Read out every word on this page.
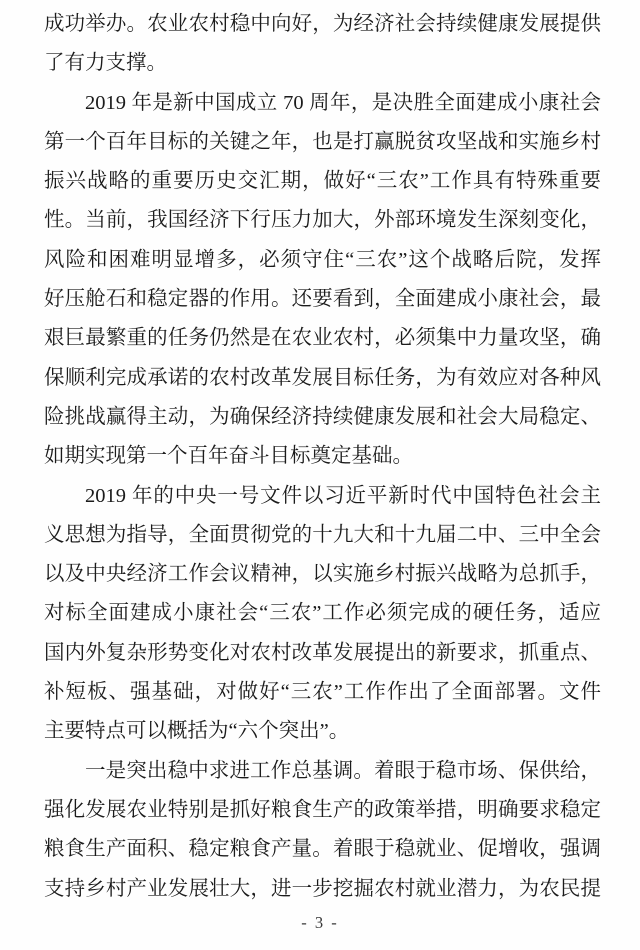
成功举办。农业农村稳中向好，为经济社会持续健康发展提供
了有力支撑。
2019 年是新中国成立 70 周年，是决胜全面建成小康社会
第一个百年目标的关键之年，也是打赢脱贫攻坚战和实施乡村
振兴战略的重要历史交汇期，做好“三农”工作具有特殊重要
性。当前，我国经济下行压力加大，外部环境发生深刻变化，
风险和困难明显增多，必须守住“三农”这个战略后院，发挥
好压舱石和稳定器的作用。还要看到，全面建成小康社会，最
艰巨最繁重的任务仍然是在农业农村，必须集中力量攻坚，确
保顺利完成承诺的农村改革发展目标任务，为有效应对各种风
险挑战赢得主动，为确保经济持续健康发展和社会大局稳定、
如期实现第一个百年奋斗目标奠定基础。
2019 年的中央一号文件以习近平新时代中国特色社会主
义思想为指导，全面贯彻党的十九大和十九届二中、三中全会
以及中央经济工作会议精神，以实施乡村振兴战略为总抓手，
对标全面建成小康社会“三农”工作必须完成的硬任务，适应
国内外复杂形势变化对农村改革发展提出的新要求，抓重点、
补短板、强基础，对做好“三农”工作作出了全面部署。文件
主要特点可以概括为“六个突出”。
一是突出稳中求进工作总基调。着眼于稳市场、保供给，
强化发展农业特别是抓好粮食生产的政策举措，明确要求稳定
粮食生产面积、稳定粮食产量。着眼于稳就业、促增收，强调
支持乡村产业发展壮大，进一步挖掘农村就业潜力，为农民提
- 3 -
